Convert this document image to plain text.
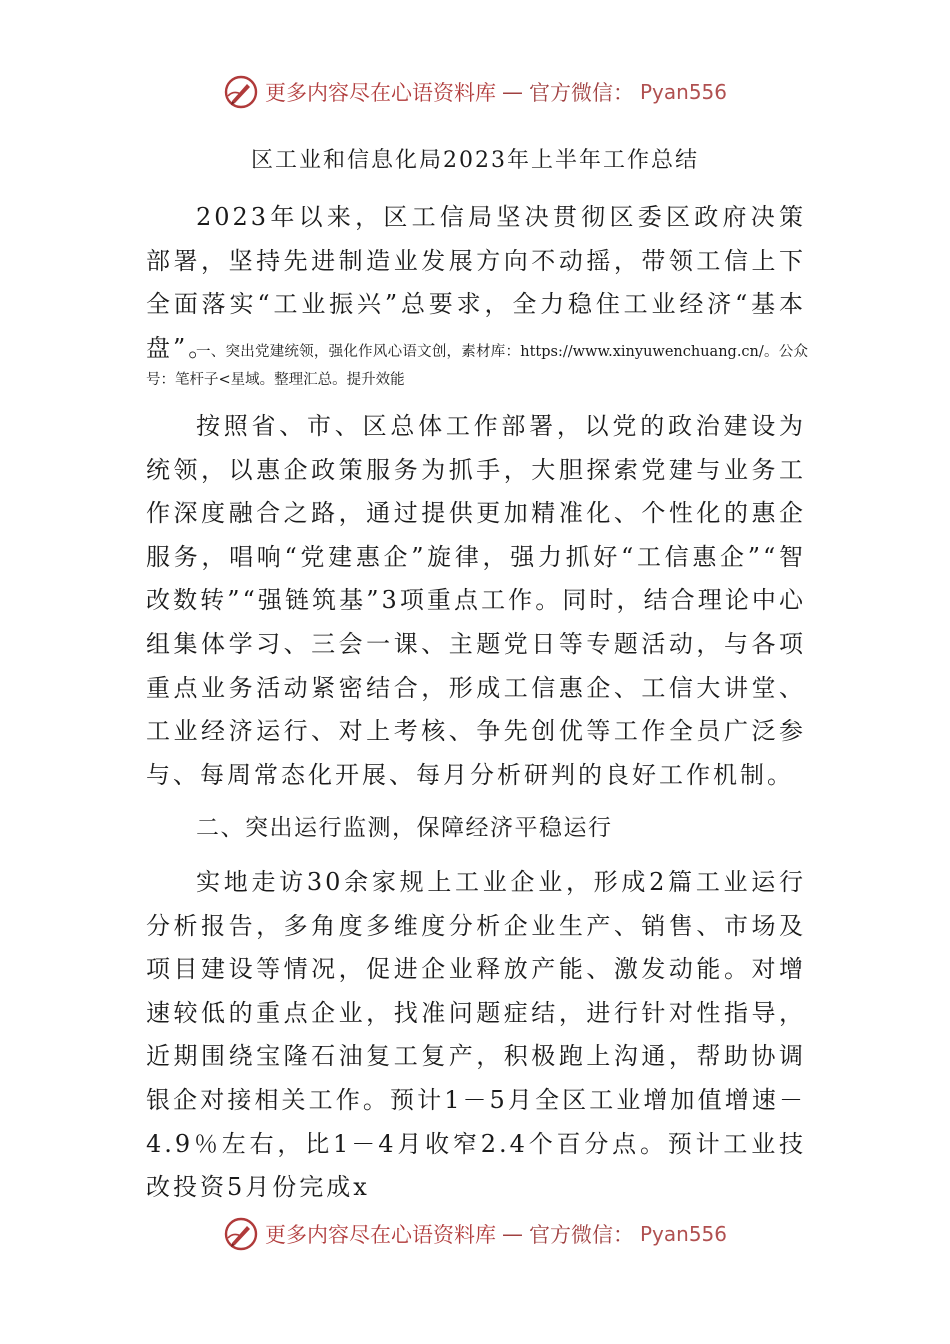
更多内容尽在心语资料库 — 官方微信： Pyan556
区工业和信息化局2023年上半年工作总结

2023年以来，区工信局坚决贯彻区委区政府决策部署，坚持先进制造业发展方向不动摇，带领工信上下全面落实“工业振兴”总要求，全力稳住工业经济“基本盘”。

一、突出党建统领，强化作风心语文创，素材库：https://www.xinyuwenchuang.cn/。公众号：笔杆子<星域。整理汇总。提升效能

按照省、市、区总体工作部署，以党的政治建设为统领，以惠企政策服务为抓手，大胆探索党建与业务工作深度融合之路，通过提供更加精准化、个性化的惠企服务，唱响“党建惠企”旋律，强力抓好“工信惠企”“智改数转”“强链筑基”3项重点工作。同时，结合理论中心组集体学习、三会一课、主题党日等专题活动，与各项重点业务活动紧密结合，形成工信惠企、工信大讲堂、工业经济运行、对上考核、争先创优等工作全员广泛参与、每周常态化开展、每月分析研判的良好工作机制。

二、突出运行监测，保障经济平稳运行

实地走访30余家规上工业企业，形成2篇工业运行分析报告，多角度多维度分析企业生产、销售、市场及项目建设等情况，促进企业释放产能、激发动能。对增速较低的重点企业，找准问题症结，进行针对性指导，近期围绕宝隆石油复工复产，积极跑上沟通，帮助协调银企对接相关工作。预计1－5月全区工业增加值增速－4.9％左右，比1－4月收窄2.4个百分点。预计工业技改投资5月份完成x

更多内容尽在心语资料库 — 官方微信： Pyan556
